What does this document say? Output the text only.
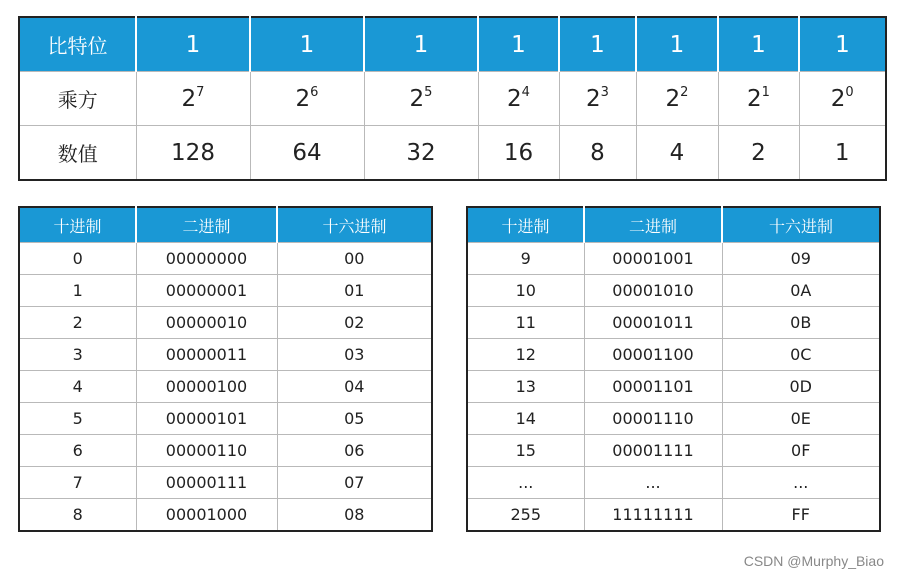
比特位	1	1	1	1	1	1	1	1
乘方	$2^7$	$2^6$	$2^5$	$2^4$	$2^3$	$2^2$	$2^1$	$2^0$
数值	128	64	32	16	8	4	2	1
十进制	二进制	十六进制
0	00000000	00
1	00000001	01
2	00000010	02
3	00000011	03
4	00000100	04
5	00000101	05
6	00000110	06
7	00000111	07
8	00001000	08
十进制	二进制	十六进制
9	00001001	09
10	00001010	0A
11	00001011	0B
12	00001100	0C
13	00001101	0D
14	00001110	0E
15	00001111	0F
...	...	...
255	11111111	FF
CSDN @Murphy_Biao
